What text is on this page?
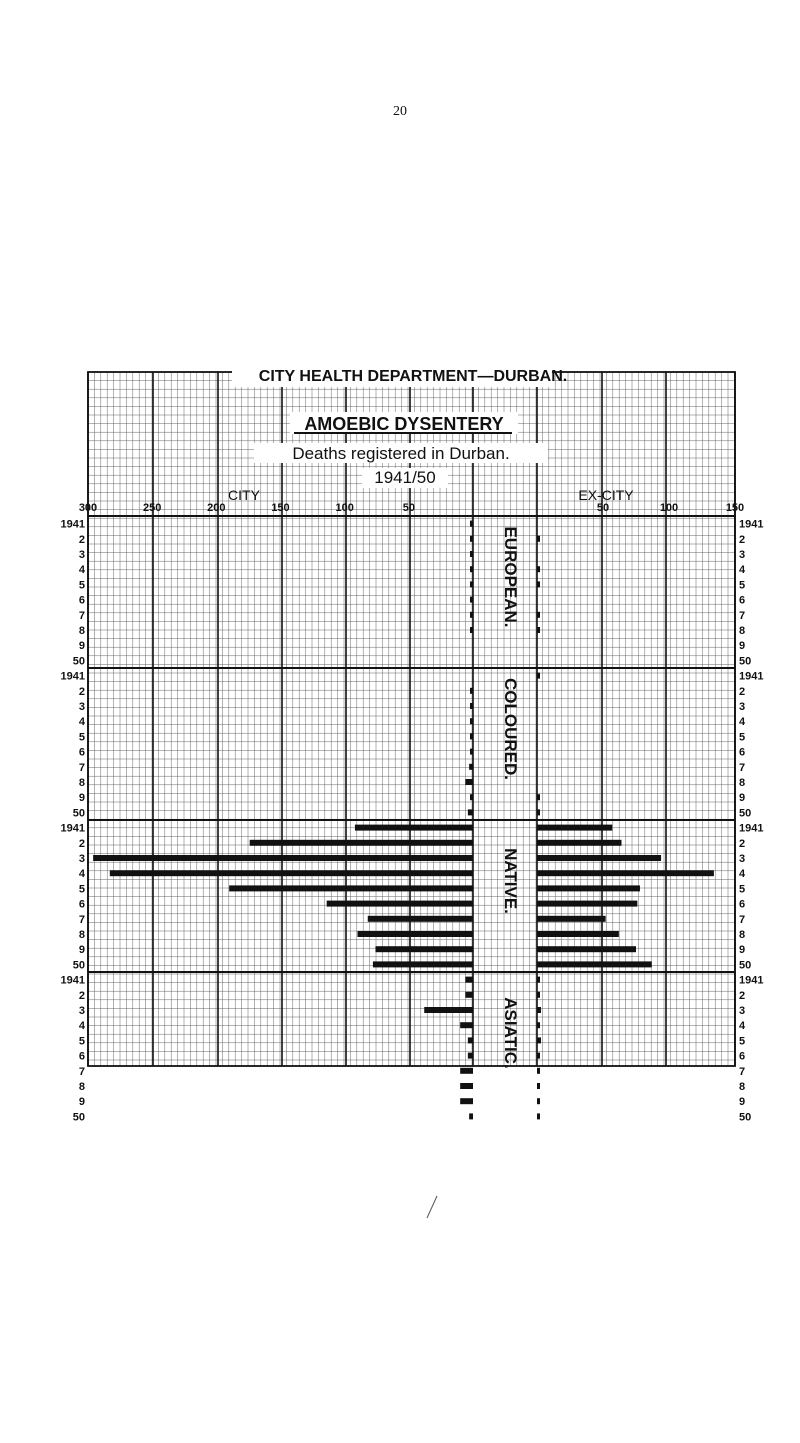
20
CITY HEALTH DEPARTMENT—DURBAN.
AMOEBIC DYSENTERY
Deaths registered in Durban.
1941/50
CITY	EX-CITY
300	250	200	150	100	50	50	100	150
EUROPEAN.
1941	1941
2	2
3	3
4	4
5	5
6	6
7	7
8	8
9	9
50	50
COLOURED.
1941	1941
2	2
3	3
4	4
5	5
6	6
7	7
8	8
9	9
50	50
NATIVE.
1941	1941
2	2
3	3
4	4
5	5
6	6
7	7
8	8
9	9
50	50
ASIATIC.
1941	1941
2	2
3	3
4	4
5	5
6	6
7	7
8	8
9	9
50	50
